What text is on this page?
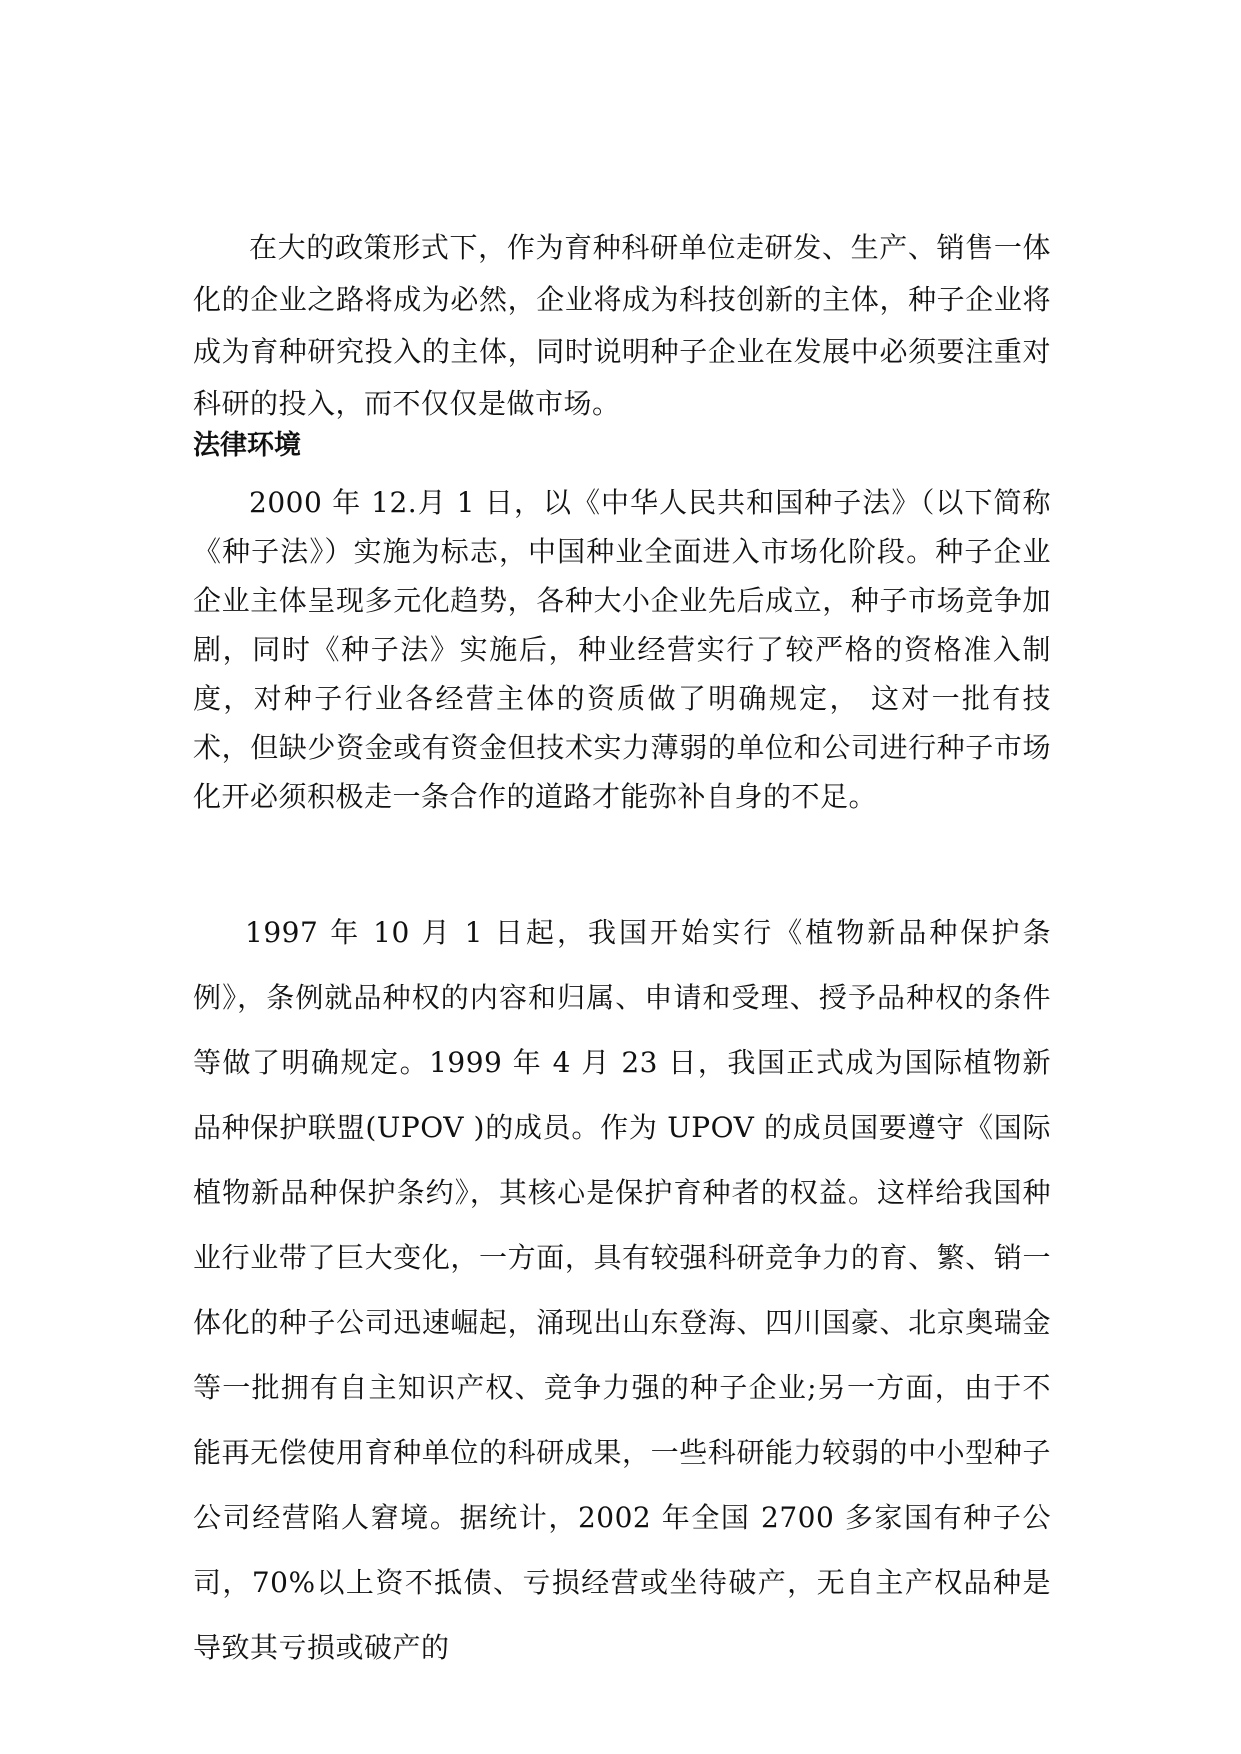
在大的政策形式下，作为育种科研单位走研发、生产、销售一体化的企业之路将成为必然，企业将成为科技创新的主体，种子企业将成为育种研究投入的主体，同时说明种子企业在发展中必须要注重对科研的投入，而不仅仅是做市场。

法律环境

2000 年 12.月 1 日，以《中华人民共和国种子法》（以下简称《种子法》）实施为标志，中国种业全面进入市场化阶段。种子企业企业主体呈现多元化趋势，各种大小企业先后成立，种子市场竞争加剧，同时《种子法》实施后，种业经营实行了较严格的资格准入制度，对种子行业各经营主体的资质做了明确规定， 这对一批有技术，但缺少资金或有资金但技术实力薄弱的单位和公司进行种子市场化开必须积极走一条合作的道路才能弥补自身的不足。

1997 年 10 月 1 日起，我国开始实行《植物新品种保护条例》，条例就品种权的内容和归属、申请和受理、授予品种权的条件等做了明确规定。1999 年 4 月 23 日，我国正式成为国际植物新品种保护联盟(UPOV )的成员。作为 UPOV 的成员国要遵守《国际植物新品种保护条约》，其核心是保护育种者的权益。这样给我国种业行业带了巨大变化，一方面，具有较强科研竞争力的育、繁、销一体化的种子公司迅速崛起，涌现出山东登海、四川国豪、北京奥瑞金等一批拥有自主知识产权、竞争力强的种子企业;另一方面，由于不能再无偿使用育种单位的科研成果，一些科研能力较弱的中小型种子公司经营陷人窘境。据统计，2002 年全国 2700 多家国有种子公司，70%以上资不抵债、亏损经营或坐待破产，无自主产权品种是导致其亏损或破产的
